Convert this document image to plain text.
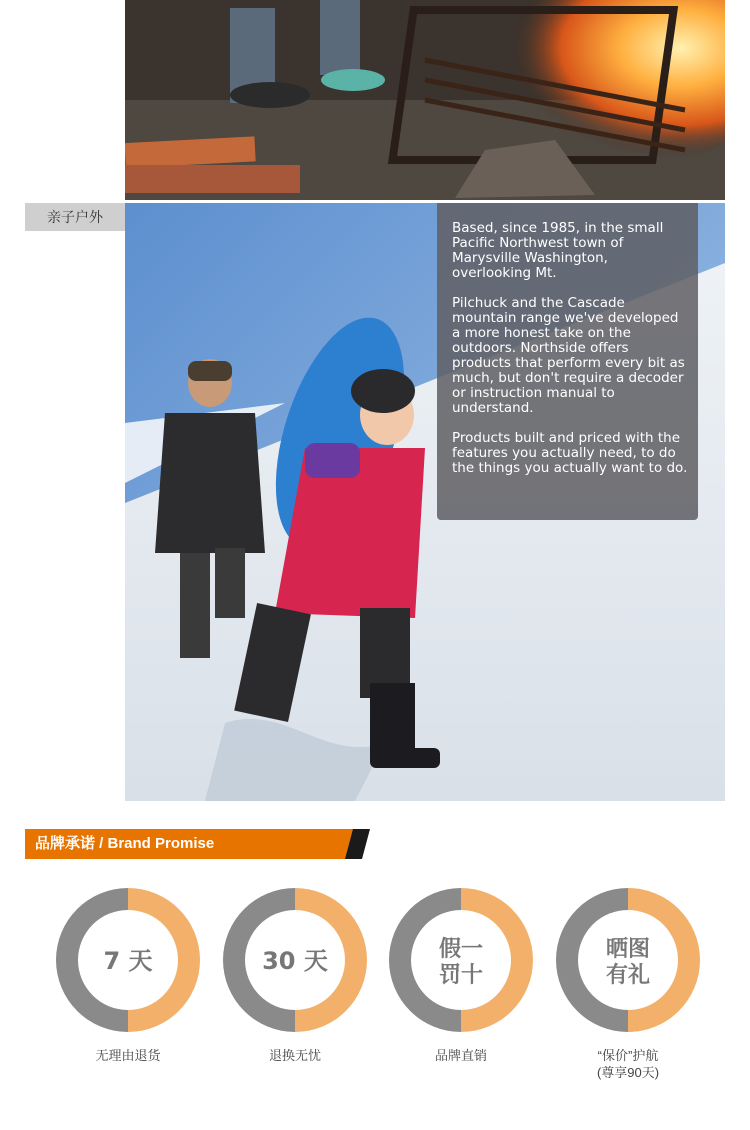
亲子户外

Based, since 1985, in the small Pacific Northwest town of Marysville Washington, overlooking Mt.

Pilchuck and the Cascade mountain range we've developed a more honest take on the outdoors. Northside offers products that perform every bit as much, but don't require a decoder or instruction manual to understand.

Products built and priced with the features you actually need, to do the things you actually want to do.

品牌承诺 / Brand Promise
7 天
无理由退货
30 天
退换无忧
假一
罚十
品牌直销
晒图
有礼
“保价”护航
(尊享90天)
